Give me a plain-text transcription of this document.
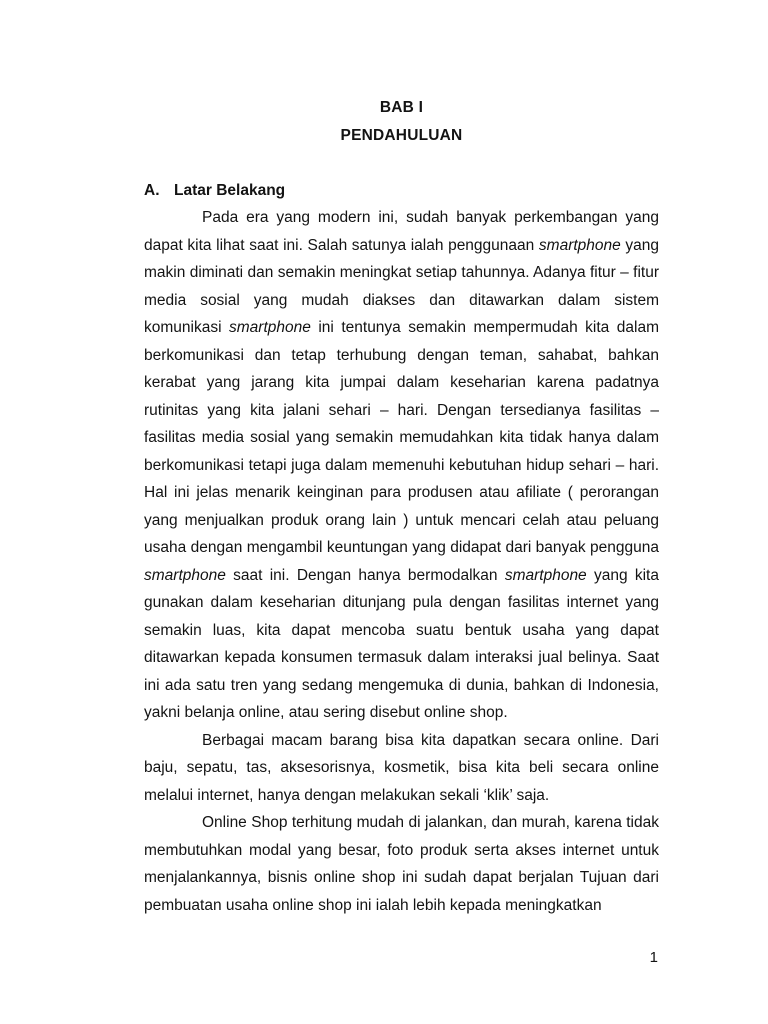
BAB I
PENDAHULUAN
A. Latar Belakang

Pada era yang modern ini, sudah banyak perkembangan yang dapat kita lihat saat ini. Salah satunya ialah penggunaan smartphone yang makin diminati dan semakin meningkat setiap tahunnya. Adanya fitur – fitur media sosial yang mudah diakses dan ditawarkan dalam sistem komunikasi smartphone ini tentunya semakin mempermudah kita dalam berkomunikasi dan tetap terhubung dengan teman, sahabat, bahkan kerabat yang jarang kita jumpai dalam keseharian karena padatnya rutinitas yang kita jalani sehari – hari. Dengan tersedianya fasilitas – fasilitas media sosial yang semakin memudahkan kita tidak hanya dalam berkomunikasi tetapi juga dalam memenuhi kebutuhan hidup sehari – hari. Hal ini jelas menarik keinginan para produsen atau afiliate ( perorangan yang menjualkan produk orang lain ) untuk mencari celah atau peluang usaha dengan mengambil keuntungan yang didapat dari banyak pengguna smartphone saat ini. Dengan hanya bermodalkan smartphone yang kita gunakan dalam keseharian ditunjang pula dengan fasilitas internet yang semakin luas, kita dapat mencoba suatu bentuk usaha yang dapat ditawarkan kepada konsumen termasuk dalam interaksi jual belinya. Saat ini ada satu tren yang sedang mengemuka di dunia, bahkan di Indonesia, yakni belanja online, atau sering disebut online shop.

Berbagai macam barang bisa kita dapatkan secara online. Dari baju, sepatu, tas, aksesorisnya, kosmetik, bisa kita beli secara online melalui internet, hanya dengan melakukan sekali ‘klik’ saja.

Online Shop terhitung mudah di jalankan, dan murah, karena tidak membutuhkan modal yang besar, foto produk serta akses internet untuk menjalankannya, bisnis online shop ini sudah dapat berjalan Tujuan dari pembuatan usaha online shop ini ialah lebih kepada meningkatkan

1
